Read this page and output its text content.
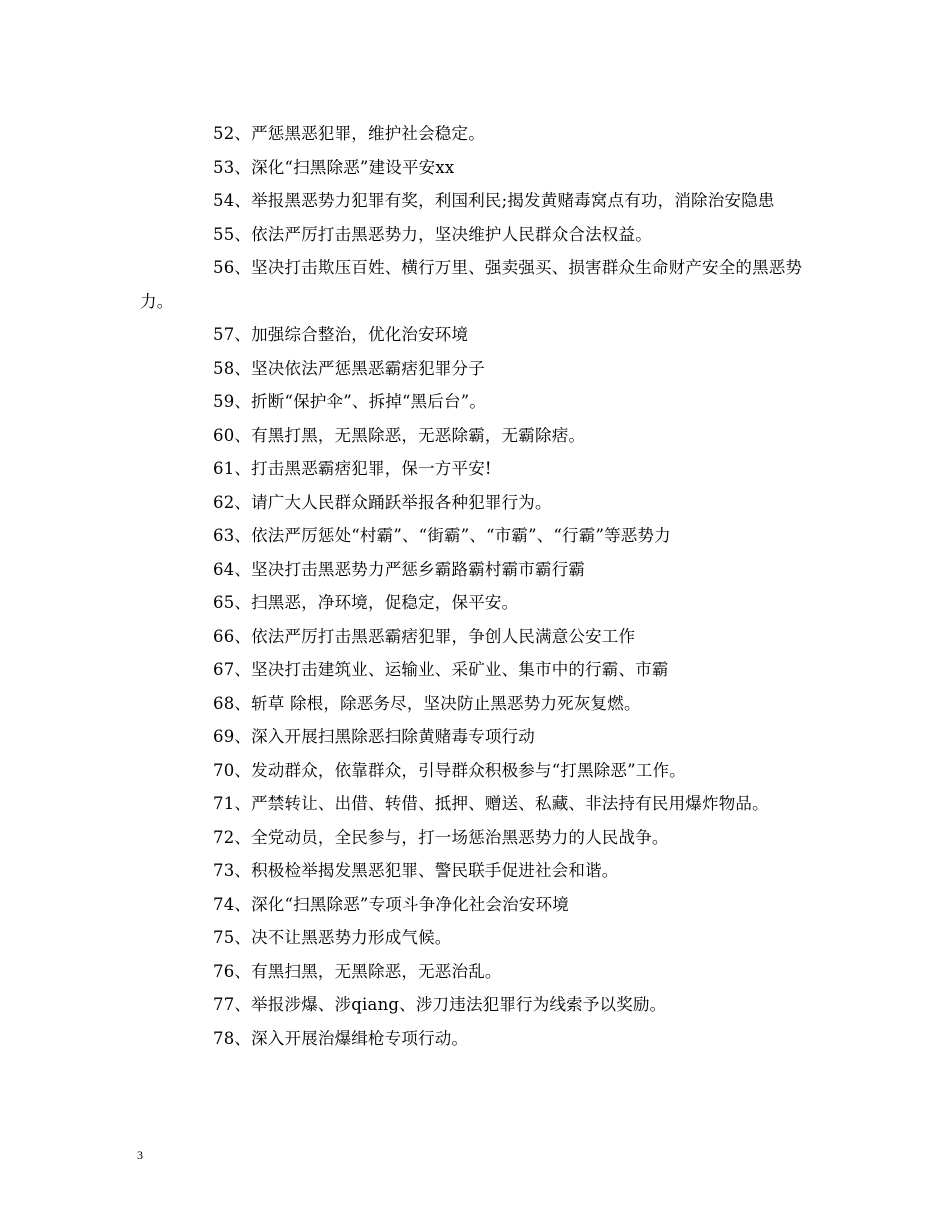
52、严惩黑恶犯罪，维护社会稳定。

53、深化“扫黑除恶”建设平安xx

54、举报黑恶势力犯罪有奖，利国利民;揭发黄赌毒窝点有功，消除治安隐患

55、依法严厉打击黑恶势力，坚决维护人民群众合法权益。

56、坚决打击欺压百姓、横行万里、强卖强买、损害群众生命财产安全的黑恶势力。

57、加强综合整治，优化治安环境

58、坚决依法严惩黑恶霸痞犯罪分子

59、折断“保护伞”、拆掉“黑后台”。

60、有黑打黑，无黑除恶，无恶除霸，无霸除痞。

61、打击黑恶霸痞犯罪，保一方平安!

62、请广大人民群众踊跃举报各种犯罪行为。

63、依法严厉惩处“村霸”、“街霸”、“市霸”、“行霸”等恶势力

64、坚决打击黑恶势力严惩乡霸路霸村霸市霸行霸

65、扫黑恶，净环境，促稳定，保平安。

66、依法严厉打击黑恶霸痞犯罪，争创人民满意公安工作

67、坚决打击建筑业、运输业、采矿业、集市中的行霸、市霸

68、斩草 除根，除恶务尽，坚决防止黑恶势力死灰复燃。

69、深入开展扫黑除恶扫除黄赌毒专项行动

70、发动群众，依靠群众，引导群众积极参与“打黑除恶”工作。

71、严禁转让、出借、转借、抵押、赠送、私藏、非法持有民用爆炸物品。

72、全党动员，全民参与，打一场惩治黑恶势力的人民战争。

73、积极检举揭发黑恶犯罪、警民联手促进社会和谐。

74、深化“扫黑除恶”专项斗争净化社会治安环境

75、决不让黑恶势力形成气候。

76、有黑扫黑，无黑除恶，无恶治乱。

77、举报涉爆、涉qiang、涉刀违法犯罪行为线索予以奖励。

78、深入开展治爆缉枪专项行动。

3
